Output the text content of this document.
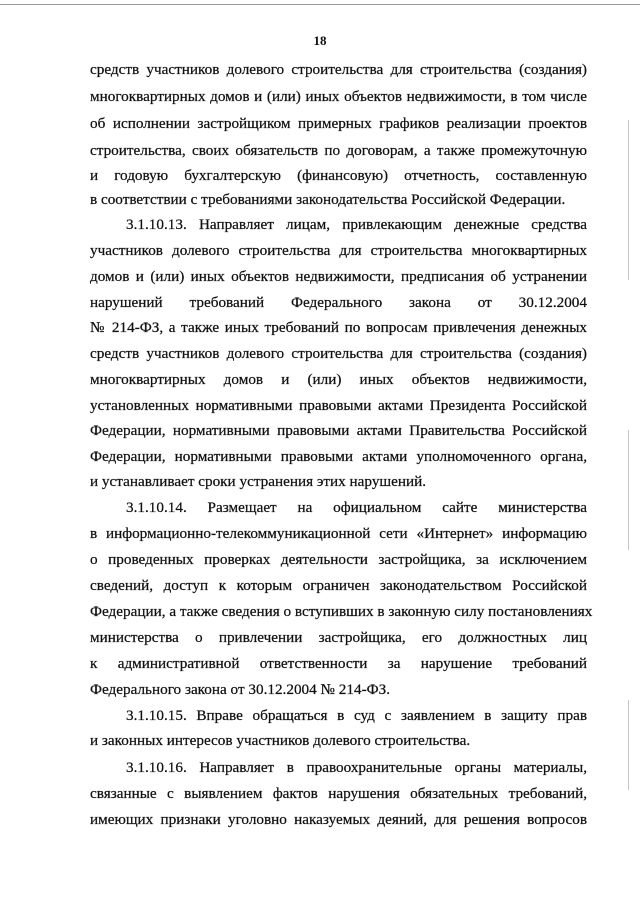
18
средств участников долевого строительства для строительства (создания)
многоквартирных домов и (или) иных объектов недвижимости, в том числе
об исполнении застройщиком примерных графиков реализации проектов
строительства, своих обязательств по договорам, а также промежуточную
и годовую бухгалтерскую (финансовую) отчетность, составленную
в соответствии с требованиями законодательства Российской Федерации.
3.1.10.13. Направляет лицам, привлекающим денежные средства
участников долевого строительства для строительства многоквартирных
домов и (или) иных объектов недвижимости, предписания об устранении
нарушений требований Федерального закона от 30.12.2004
№ 214-ФЗ, а также иных требований по вопросам привлечения денежных
средств участников долевого строительства для строительства (создания)
многоквартирных домов и (или) иных объектов недвижимости,
установленных нормативными правовыми актами Президента Российской
Федерации, нормативными правовыми актами Правительства Российской
Федерации, нормативными правовыми актами уполномоченного органа,
и устанавливает сроки устранения этих нарушений.
3.1.10.14. Размещает на официальном сайте министерства
в информационно-телекоммуникационной сети «Интернет» информацию
о проведенных проверках деятельности застройщика, за исключением
сведений, доступ к которым ограничен законодательством Российской
Федерации, а также сведения о вступивших в законную силу постановлениях
министерства о привлечении застройщика, его должностных лиц
к административной ответственности за нарушение требований
Федерального закона от 30.12.2004 № 214-ФЗ.
3.1.10.15. Вправе обращаться в суд с заявлением в защиту прав
и законных интересов участников долевого строительства.
3.1.10.16. Направляет в правоохранительные органы материалы,
связанные с выявлением фактов нарушения обязательных требований,
имеющих признаки уголовно наказуемых деяний, для решения вопросов
